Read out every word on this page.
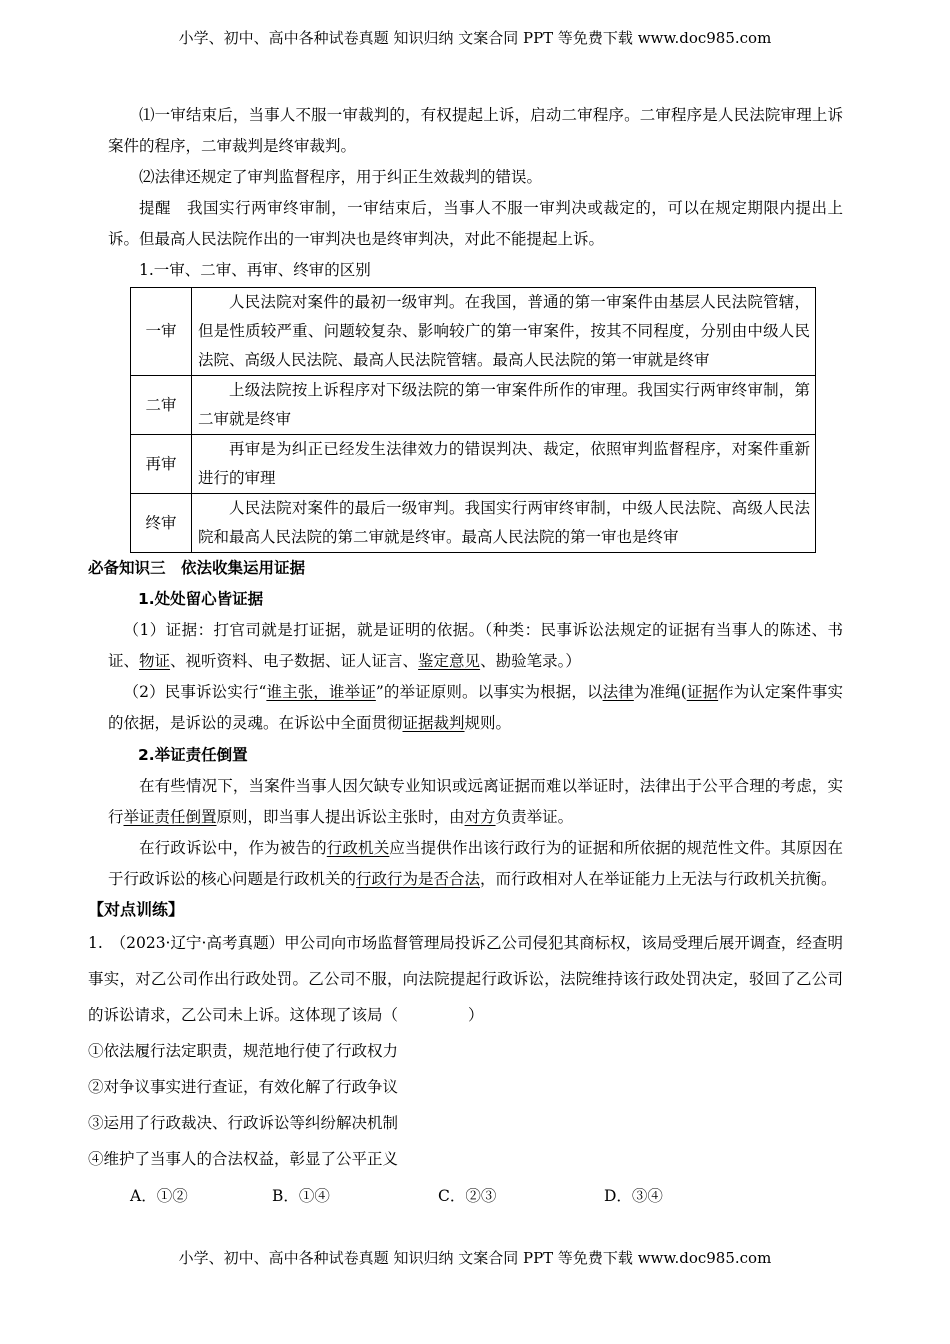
小学、初中、高中各种试卷真题 知识归纳 文案合同 PPT 等免费下载 www.doc985.com

⑴一审结束后，当事人不服一审裁判的，有权提起上诉，启动二审程序。二审程序是人民法院审理上诉案件的程序，二审裁判是终审裁判。

⑵法律还规定了审判监督程序，用于纠正生效裁判的错误。

提醒　我国实行两审终审制，一审结束后，当事人不服一审判决或裁定的，可以在规定期限内提出上诉。但最高人民法院作出的一审判决也是终审判决，对此不能提起上诉。

1.一审、二审、再审、终审的区别

一审	人民法院对案件的最初一级审判。在我国，普通的第一审案件由基层人民法院管辖，但是性质较严重、问题较复杂、影响较广的第一审案件，按其不同程度，分别由中级人民法院、高级人民法院、最高人民法院管辖。最高人民法院的第一审就是终审
二审	上级法院按上诉程序对下级法院的第一审案件所作的审理。我国实行两审终审制，第二审就是终审
再审	再审是为纠正已经发生法律效力的错误判决、裁定，依照审判监督程序，对案件重新进行的审理
终审	人民法院对案件的最后一级审判。我国实行两审终审制，中级人民法院、高级人民法院和最高人民法院的第二审就是终审。最高人民法院的第一审也是终审

必备知识三　依法收集运用证据

1.处处留心皆证据

（1）证据：打官司就是打证据，就是证明的依据。（种类：民事诉讼法规定的证据有当事人的陈述、书证、物证、视听资料、电子数据、证人证言、鉴定意见、勘验笔录。）

（2）民事诉讼实行“谁主张，谁举证”的举证原则。以事实为根据，以法律为准绳(证据作为认定案件事实的依据，是诉讼的灵魂。在诉讼中全面贯彻证据裁判规则。

2.举证责任倒置

在有些情况下，当案件当事人因欠缺专业知识或远离证据而难以举证时，法律出于公平合理的考虑，实行举证责任倒置原则，即当事人提出诉讼主张时，由对方负责举证。

在行政诉讼中，作为被告的行政机关应当提供作出该行政行为的证据和所依据的规范性文件。其原因在于行政诉讼的核心问题是行政机关的行政行为是否合法，而行政相对人在举证能力上无法与行政机关抗衡。

【对点训练】

1.　（2023·辽宁·高考真题）甲公司向市场监督管理局投诉乙公司侵犯其商标权，该局受理后展开调查，经查明事实，对乙公司作出行政处罚。乙公司不服，向法院提起行政诉讼，法院维持该行政处罚决定，驳回了乙公司的诉讼请求，乙公司未上诉。这体现了该局（	）

①依法履行法定职责，规范地行使了行政权力

②对争议事实进行查证，有效化解了行政争议

③运用了行政裁决、行政诉讼等纠纷解决机制

④维护了当事人的合法权益，彰显了公平正义

A．①②	B．①④	C．②③	D．③④
小学、初中、高中各种试卷真题 知识归纳 文案合同 PPT 等免费下载 www.doc985.com
